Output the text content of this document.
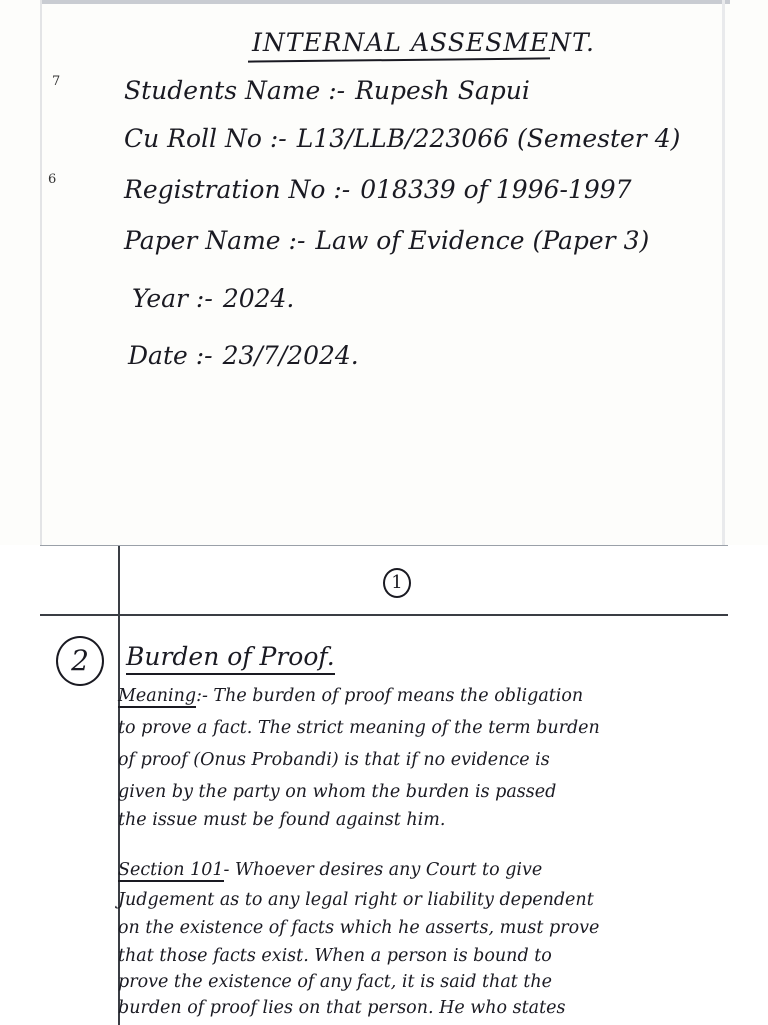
7
6
INTERNAL ASSESMENT.
Students Name :- Rupesh Sapui
Cu Roll No :- L13/LLB/223066 (Semester 4)
Registration No :- 018339 of 1996-1997
Paper Name :- Law of Evidence (Paper 3)
Year :- 2024.
Date :- 23/7/2024.
1
2	Burden of Proof.
Meaning:- The burden of proof means the obligation
to prove a fact. The strict meaning of the term burden
of proof (Onus Probandi) is that if no evidence is
given by the party on whom the burden is passed
the issue must be found against him.
Section 101- Whoever desires any Court to give
Judgement as to any legal right or liability dependent
on the existence of facts which he asserts, must prove
that those facts exist. When a person is bound to
prove the existence of any fact, it is said that the
burden of proof lies on that person. He who states
